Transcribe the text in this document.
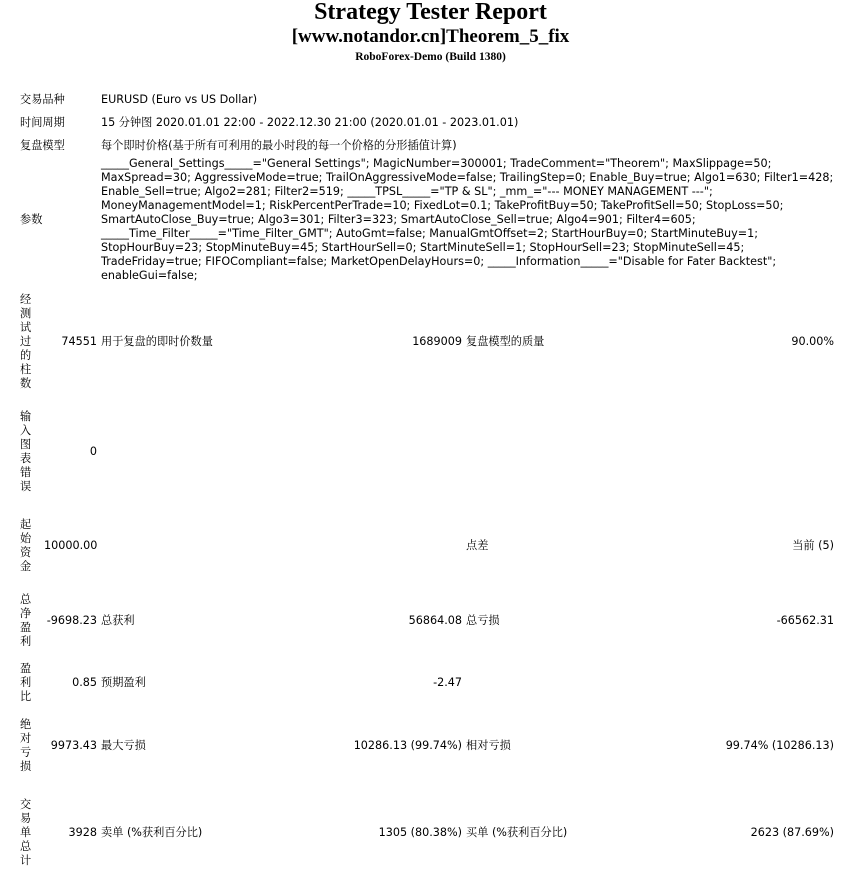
Strategy Tester Report
[www.notandor.cn]Theorem_5_fix
RoboForex-Demo (Build 1380)
交易品种		EURUSD (Euro vs US Dollar)			
时间周期		15 分钟图 2020.01.01 22:00 - 2022.12.30 21:00 (2020.01.01 - 2023.01.01)			
复盘模型		每个即时价格(基于所有可利用的最小时段的每一个价格的分形插值计算)			
参数		_____General_Settings_____="General Settings"; MagicNumber=300001; TradeComment="Theorem"; MaxSlippage=50; MaxSpread=30; AggressiveMode=true; TrailOnAggressiveMode=false; TrailingStep=0; Enable_Buy=true; Algo1=630; Filter1=428; Enable_Sell=true; Algo2=281; Filter2=519; _____TPSL_____="TP & SL"; _mm_="--- MONEY MANAGEMENT ---"; MoneyManagementModel=1; RiskPercentPerTrade=10; FixedLot=0.1; TakeProfitBuy=50; TakeProfitSell=50; StopLoss=50; SmartAutoClose_Buy=true; Algo3=301; Filter3=323; SmartAutoClose_Sell=true; Algo4=901; Filter4=605; _____Time_Filter_____="Time_Filter_GMT"; AutoGmt=false; ManualGmtOffset=2; StartHourBuy=0; StartMinuteBuy=1; StopHourBuy=23; StopMinuteBuy=45; StartHourSell=0; StartMinuteSell=1; StopHourSell=23; StopMinuteSell=45; TradeFriday=true; FIFOCompliant=false; MarketOpenDelayHours=0; _____Information_____="Disable for Fater Backtest"; enableGui=false;			
经测试过的柱数	74551	用于复盘的即时价数量	1689009	复盘模型的质量	90.00%
输入图表错误	0				
起始资金	10000.00			点差	当前 (5)
总净盈利	-9698.23	总获利	56864.08	总亏损	-66562.31
盈利比	0.85	预期盈利	-2.47		
绝对亏损	9973.43	最大亏损	10286.13 (99.74%)	相对亏损	99.74% (10286.13)
交易单总计	3928	卖单 (%获利百分比)	1305 (80.38%)	买单 (%获利百分比)	2623 (87.69%)
